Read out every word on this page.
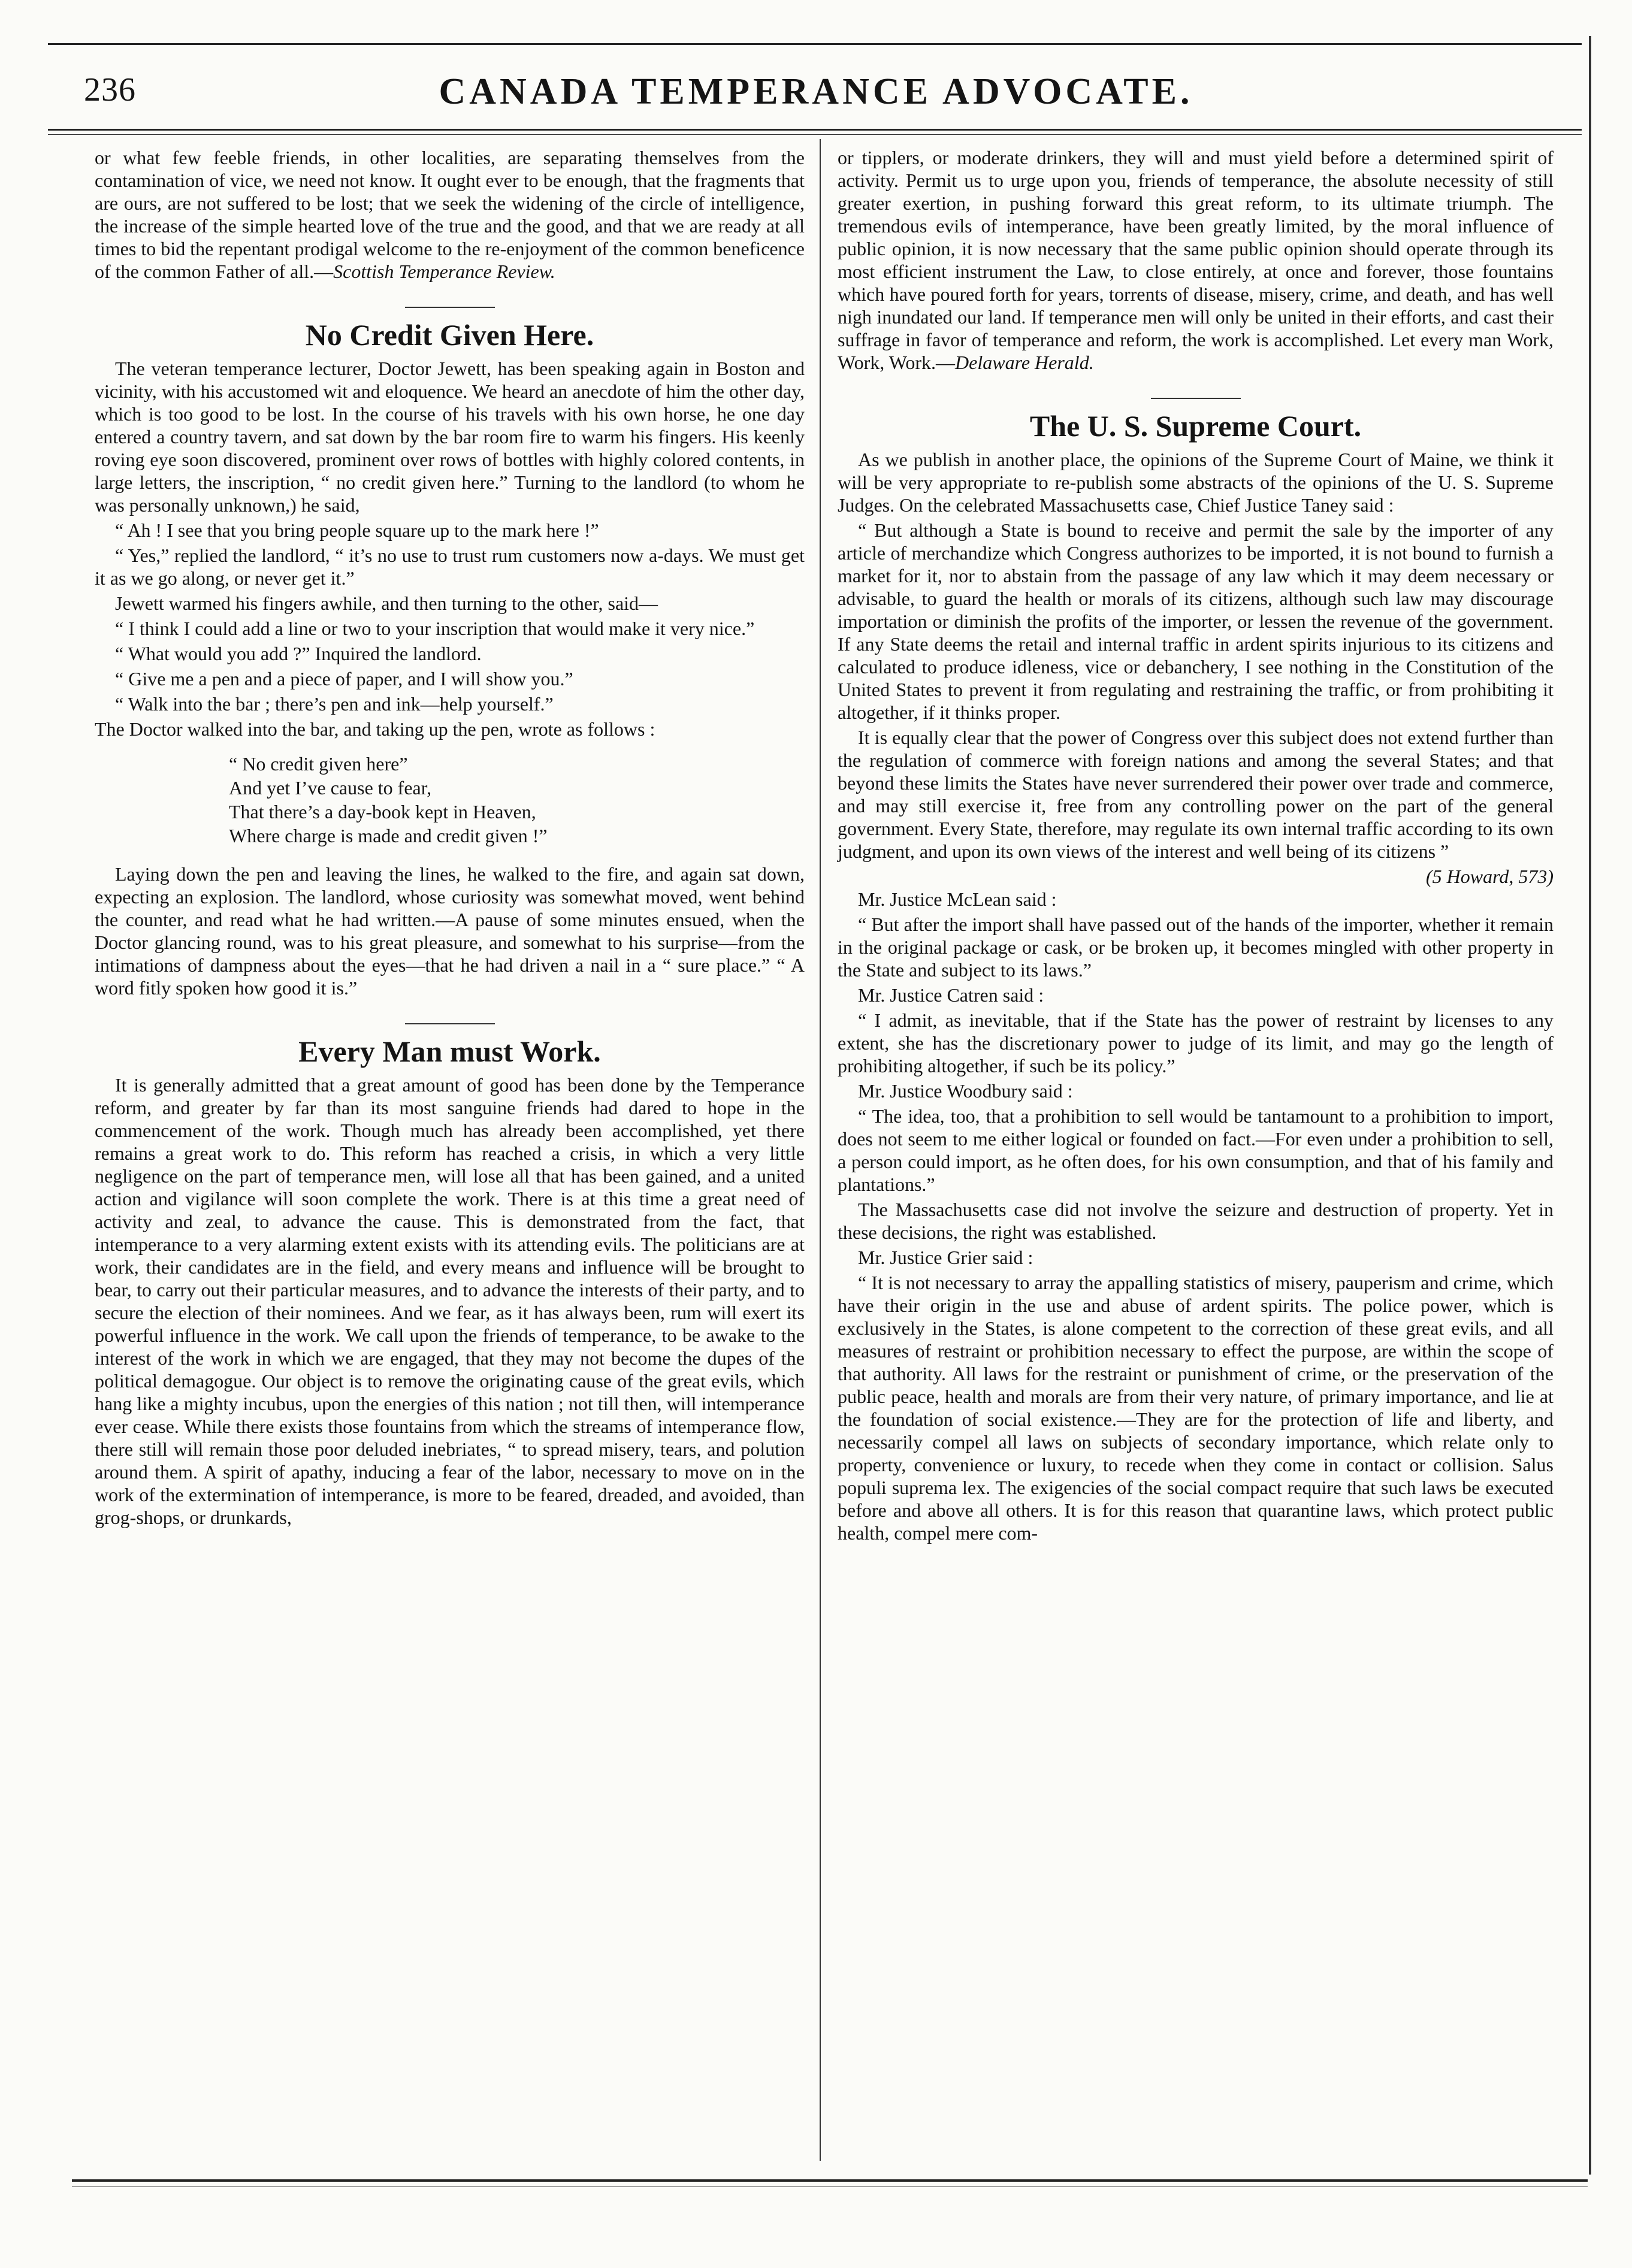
236	CANADA TEMPERANCE ADVOCATE.

or what few feeble friends, in other localities, are separating themselves from the contamination of vice, we need not know. It ought ever to be enough, that the fragments that are ours, are not suffered to be lost; that we seek the widening of the circle of intelligence, the increase of the simple hearted love of the true and the good, and that we are ready at all times to bid the repentant prodigal welcome to the re-enjoyment of the common beneficence of the common Father of all.—Scottish Temperance Review.

No Credit Given Here.

The veteran temperance lecturer, Doctor Jewett, has been speaking again in Boston and vicinity, with his accustomed wit and eloquence. We heard an anecdote of him the other day, which is too good to be lost. In the course of his travels with his own horse, he one day entered a country tavern, and sat down by the bar room fire to warm his fingers. His keenly roving eye soon discovered, prominent over rows of bottles with highly colored contents, in large letters, the inscription, “ no credit given here.” Turning to the landlord (to whom he was personally unknown,) he said,

“ Ah ! I see that you bring people square up to the mark here !”

“ Yes,” replied the landlord, “ it’s no use to trust rum customers now a-days. We must get it as we go along, or never get it.”

Jewett warmed his fingers awhile, and then turning to the other, said—

“ I think I could add a line or two to your inscription that would make it very nice.”

“ What would you add ?” Inquired the landlord.

“ Give me a pen and a piece of paper, and I will show you.”

“ Walk into the bar ; there’s pen and ink—help yourself.”

The Doctor walked into the bar, and taking up the pen, wrote as follows :

“ No credit given here”
And yet I’ve cause to fear,
That there’s a day-book kept in Heaven,
Where charge is made and credit given !”

Laying down the pen and leaving the lines, he walked to the fire, and again sat down, expecting an explosion. The landlord, whose curiosity was somewhat moved, went behind the counter, and read what he had written.—A pause of some minutes ensued, when the Doctor glancing round, was to his great pleasure, and somewhat to his surprise—from the intimations of dampness about the eyes—that he had driven a nail in a “ sure place.” “ A word fitly spoken how good it is.”

Every Man must Work.

It is generally admitted that a great amount of good has been done by the Temperance reform, and greater by far than its most sanguine friends had dared to hope in the commencement of the work. Though much has already been accomplished, yet there remains a great work to do. This reform has reached a crisis, in which a very little negligence on the part of temperance men, will lose all that has been gained, and a united action and vigilance will soon complete the work. There is at this time a great need of activity and zeal, to advance the cause. This is demonstrated from the fact, that intemperance to a very alarming extent exists with its attending evils. The politicians are at work, their candidates are in the field, and every means and influence will be brought to bear, to carry out their particular measures, and to advance the interests of their party, and to secure the election of their nominees. And we fear, as it has always been, rum will exert its powerful influence in the work. We call upon the friends of temperance, to be awake to the interest of the work in which we are engaged, that they may not become the dupes of the political demagogue. Our object is to remove the originating cause of the great evils, which hang like a mighty incubus, upon the energies of this nation ; not till then, will intemperance ever cease. While there exists those fountains from which the streams of intemperance flow, there still will remain those poor deluded inebriates, “ to spread misery, tears, and polution around them. A spirit of apathy, inducing a fear of the labor, necessary to move on in the work of the extermination of intemperance, is more to be feared, dreaded, and avoided, than grog-shops, or drunkards,

or tipplers, or moderate drinkers, they will and must yield before a determined spirit of activity. Permit us to urge upon you, friends of temperance, the absolute necessity of still greater exertion, in pushing forward this great reform, to its ultimate triumph. The tremendous evils of intemperance, have been greatly limited, by the moral influence of public opinion, it is now necessary that the same public opinion should operate through its most efficient instrument the Law, to close entirely, at once and forever, those fountains which have poured forth for years, torrents of disease, misery, crime, and death, and has well nigh inundated our land. If temperance men will only be united in their efforts, and cast their suffrage in favor of temperance and reform, the work is accomplished. Let every man Work, Work, Work.—Delaware Herald.

The U. S. Supreme Court.

As we publish in another place, the opinions of the Supreme Court of Maine, we think it will be very appropriate to re-publish some abstracts of the opinions of the U. S. Supreme Judges. On the celebrated Massachusetts case, Chief Justice Taney said :

“ But although a State is bound to receive and permit the sale by the importer of any article of merchandize which Congress authorizes to be imported, it is not bound to furnish a market for it, nor to abstain from the passage of any law which it may deem necessary or advisable, to guard the health or morals of its citizens, although such law may discourage importation or diminish the profits of the importer, or lessen the revenue of the government. If any State deems the retail and internal traffic in ardent spirits injurious to its citizens and calculated to produce idleness, vice or debanchery, I see nothing in the Constitution of the United States to prevent it from regulating and restraining the traffic, or from prohibiting it altogether, if it thinks proper.

It is equally clear that the power of Congress over this subject does not extend further than the regulation of commerce with foreign nations and among the several States; and that beyond these limits the States have never surrendered their power over trade and commerce, and may still exercise it, free from any controlling power on the part of the general government. Every State, therefore, may regulate its own internal traffic according to its own judgment, and upon its own views of the interest and well being of its citizens ”

(5 Howard, 573)

Mr. Justice McLean said :

“ But after the import shall have passed out of the hands of the importer, whether it remain in the original package or cask, or be broken up, it becomes mingled with other property in the State and subject to its laws.”

Mr. Justice Catren said :

“ I admit, as inevitable, that if the State has the power of restraint by licenses to any extent, she has the discretionary power to judge of its limit, and may go the length of prohibiting altogether, if such be its policy.”

Mr. Justice Woodbury said :

“ The idea, too, that a prohibition to sell would be tantamount to a prohibition to import, does not seem to me either logical or founded on fact.—For even under a prohibition to sell, a person could import, as he often does, for his own consumption, and that of his family and plantations.”

The Massachusetts case did not involve the seizure and destruction of property. Yet in these decisions, the right was established.

Mr. Justice Grier said :

“ It is not necessary to array the appalling statistics of misery, pauperism and crime, which have their origin in the use and abuse of ardent spirits. The police power, which is exclusively in the States, is alone competent to the correction of these great evils, and all measures of restraint or prohibition necessary to effect the purpose, are within the scope of that authority. All laws for the restraint or punishment of crime, or the preservation of the public peace, health and morals are from their very nature, of primary importance, and lie at the foundation of social existence.—They are for the protection of life and liberty, and necessarily compel all laws on subjects of secondary importance, which relate only to property, convenience or luxury, to recede when they come in contact or collision. Salus populi suprema lex. The exigencies of the social compact require that such laws be executed before and above all others. It is for this reason that quarantine laws, which protect public health, compel mere com-
